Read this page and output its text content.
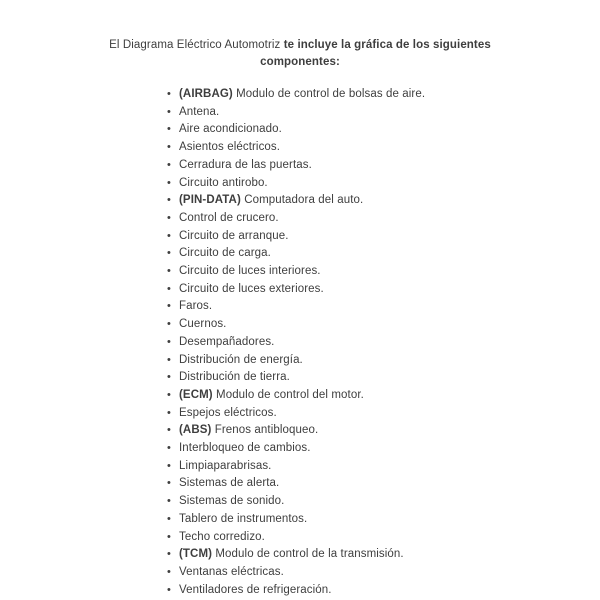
El Diagrama Eléctrico Automotriz te incluye la gráfica de los siguientes componentes:

• (AIRBAG) Modulo de control de bolsas de aire.
• Antena.
• Aire acondicionado.
• Asientos eléctricos.
• Cerradura de las puertas.
• Circuito antirobo.
• (PIN-DATA) Computadora del auto.
• Control de crucero.
• Circuito de arranque.
• Circuito de carga.
• Circuito de luces interiores.
• Circuito de luces exteriores.
• Faros.
• Cuernos.
• Desempañadores.
• Distribución de energía.
• Distribución de tierra.
• (ECM) Modulo de control del motor.
• Espejos eléctricos.
• (ABS) Frenos antibloqueo.
• Interbloqueo de cambios.
• Limpiaparabrisas.
• Sistemas de alerta.
• Sistemas de sonido.
• Tablero de instrumentos.
• Techo corredizo.
• (TCM) Modulo de control de la transmisión.
• Ventanas eléctricas.
• Ventiladores de refrigeración.
